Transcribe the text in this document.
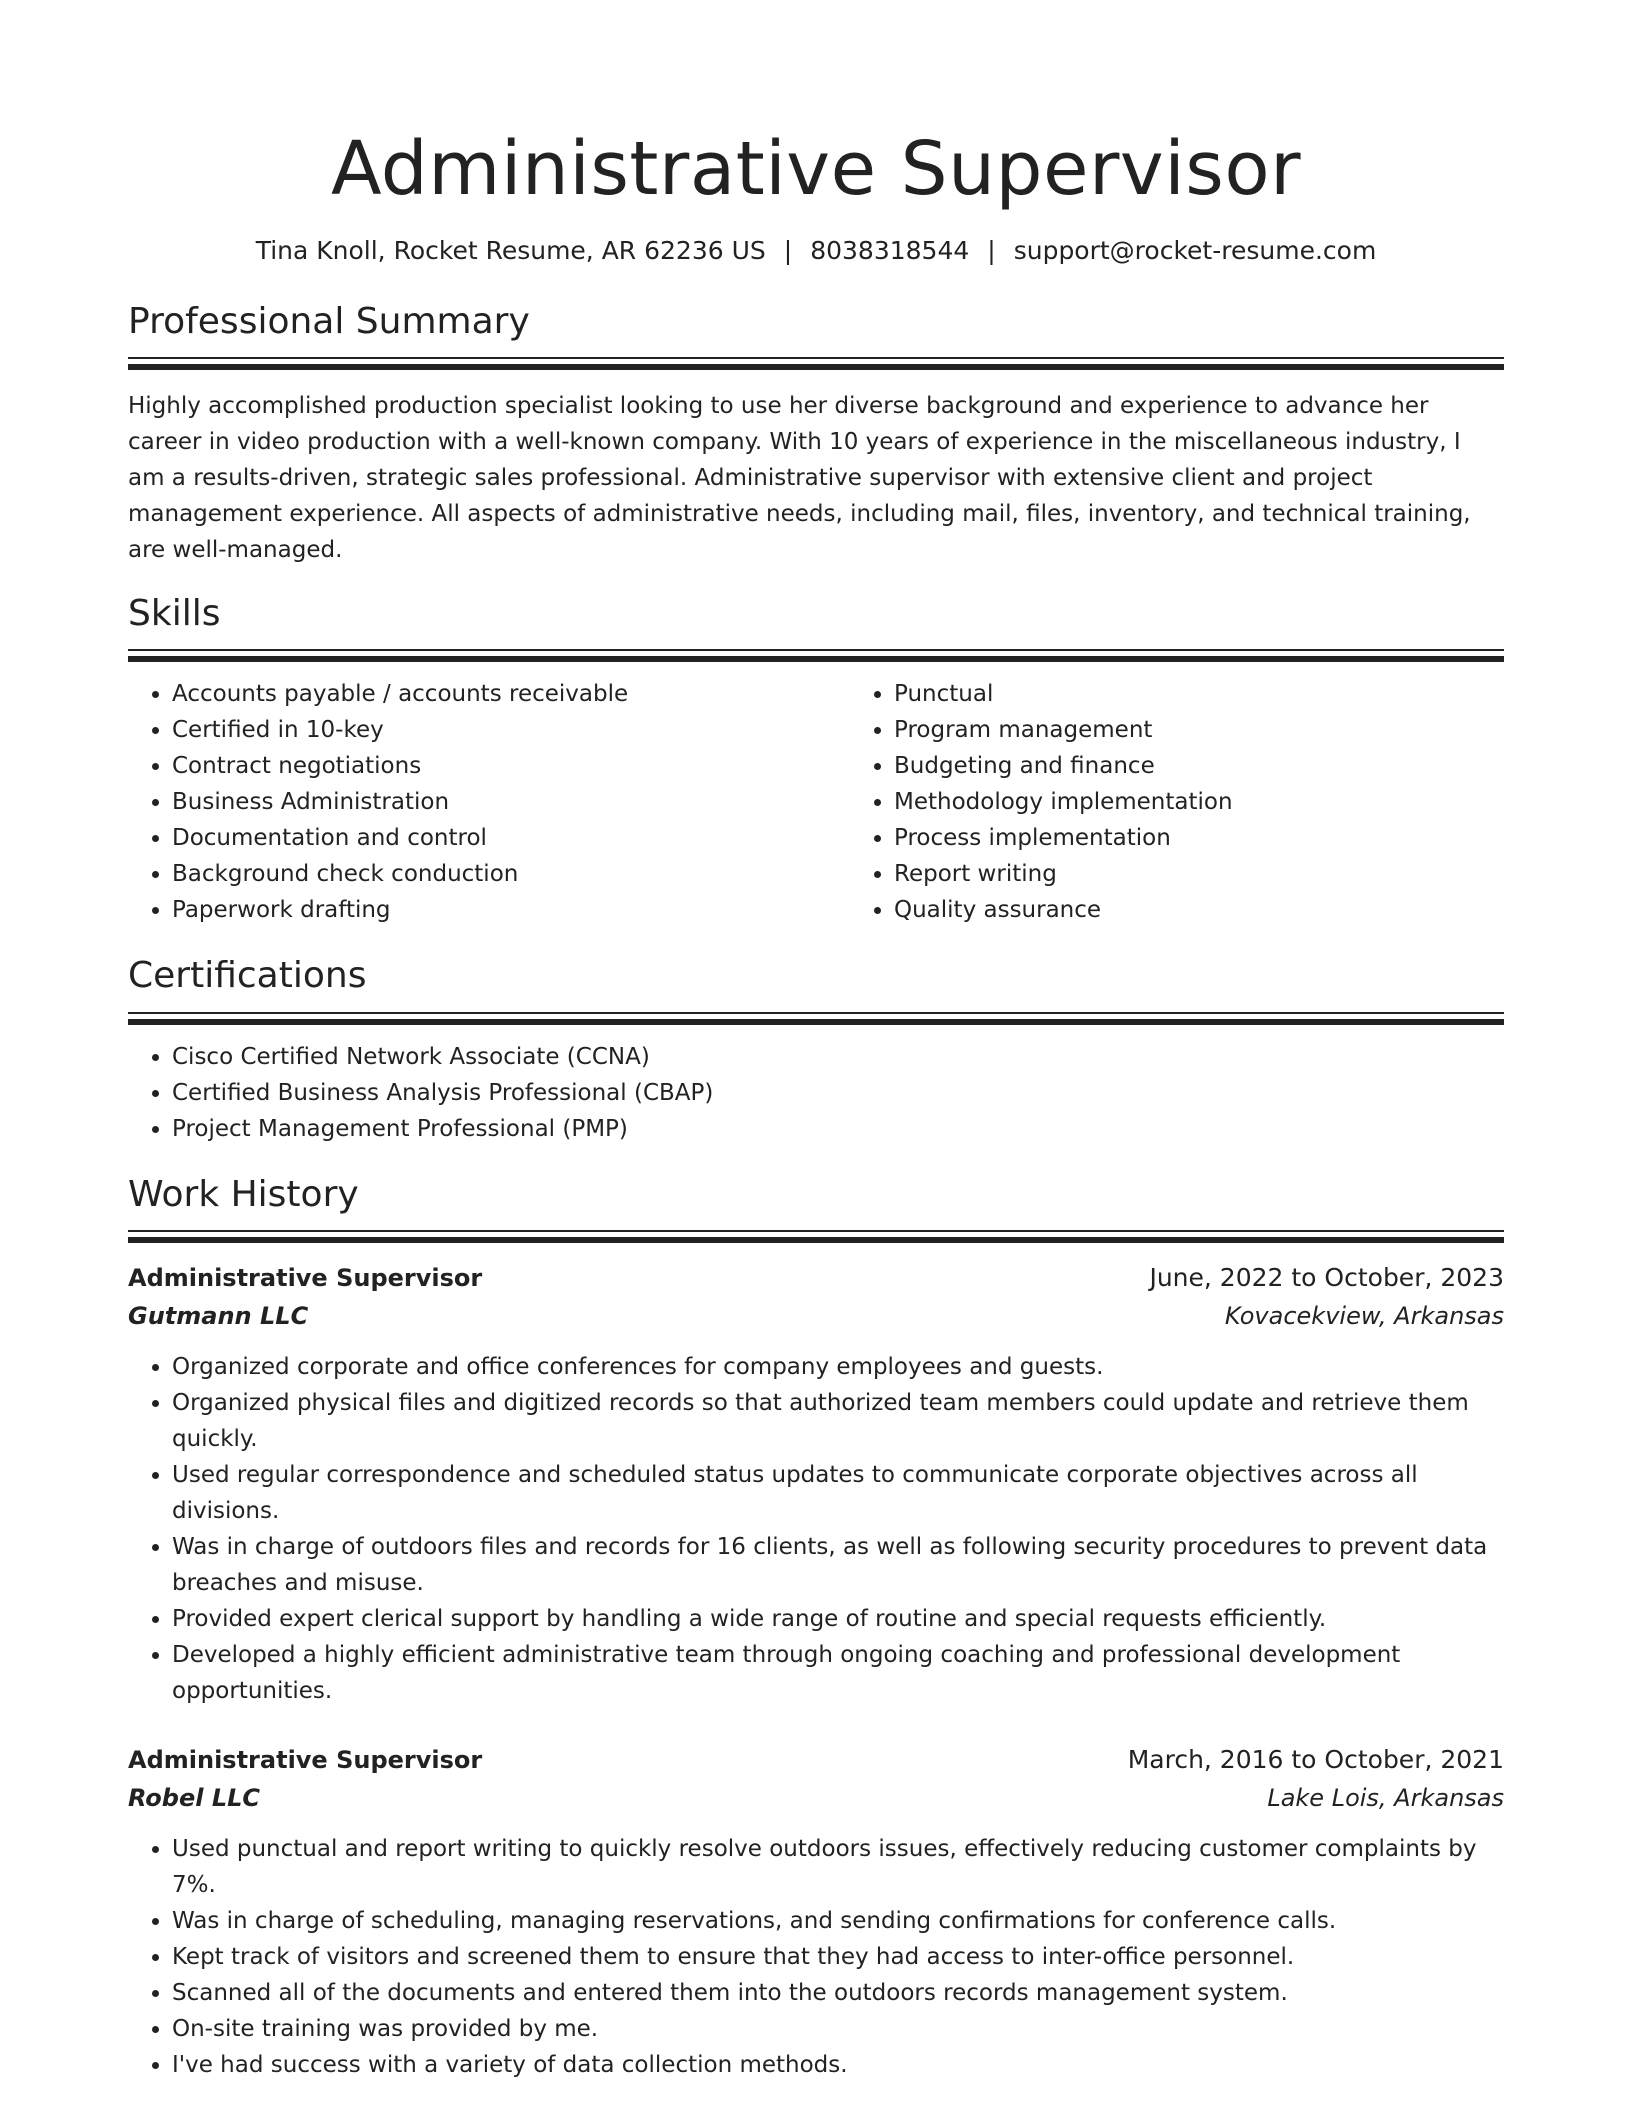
Administrative Supervisor
Tina Knoll, Rocket Resume, AR 62236 US | 8038318544 | support@rocket-resume.com
Professional Summary

Highly accomplished production specialist looking to use her diverse background and experience to advance her career in video production with a well-known company. With 10 years of experience in the miscellaneous industry, I am a results-driven, strategic sales professional. Administrative supervisor with extensive client and project management experience. All aspects of administrative needs, including mail, files, inventory, and technical training, are well-managed.

Skills
• Accounts payable / accounts receivable
• Certified in 10-key
• Contract negotiations
• Business Administration
• Documentation and control
• Background check conduction
• Paperwork drafting
• Punctual
• Program management
• Budgeting and finance
• Methodology implementation
• Process implementation
• Report writing
• Quality assurance
Certifications
• Cisco Certified Network Associate (CCNA)
• Certified Business Analysis Professional (CBAP)
• Project Management Professional (PMP)
Work History
Administrative Supervisor	June, 2022 to October, 2023
Gutmann LLC	Kovacekview, Arkansas
• Organized corporate and office conferences for company employees and guests.
• Organized physical files and digitized records so that authorized team members could update and retrieve them quickly.
• Used regular correspondence and scheduled status updates to communicate corporate objectives across all divisions.
• Was in charge of outdoors files and records for 16 clients, as well as following security procedures to prevent data breaches and misuse.
• Provided expert clerical support by handling a wide range of routine and special requests efficiently.
• Developed a highly efficient administrative team through ongoing coaching and professional development opportunities.
Administrative Supervisor	March, 2016 to October, 2021
Robel LLC	Lake Lois, Arkansas
• Used punctual and report writing to quickly resolve outdoors issues, effectively reducing customer complaints by 7%.
• Was in charge of scheduling, managing reservations, and sending confirmations for conference calls.
• Kept track of visitors and screened them to ensure that they had access to inter-office personnel.
• Scanned all of the documents and entered them into the outdoors records management system.
• On-site training was provided by me.
• I've had success with a variety of data collection methods.
